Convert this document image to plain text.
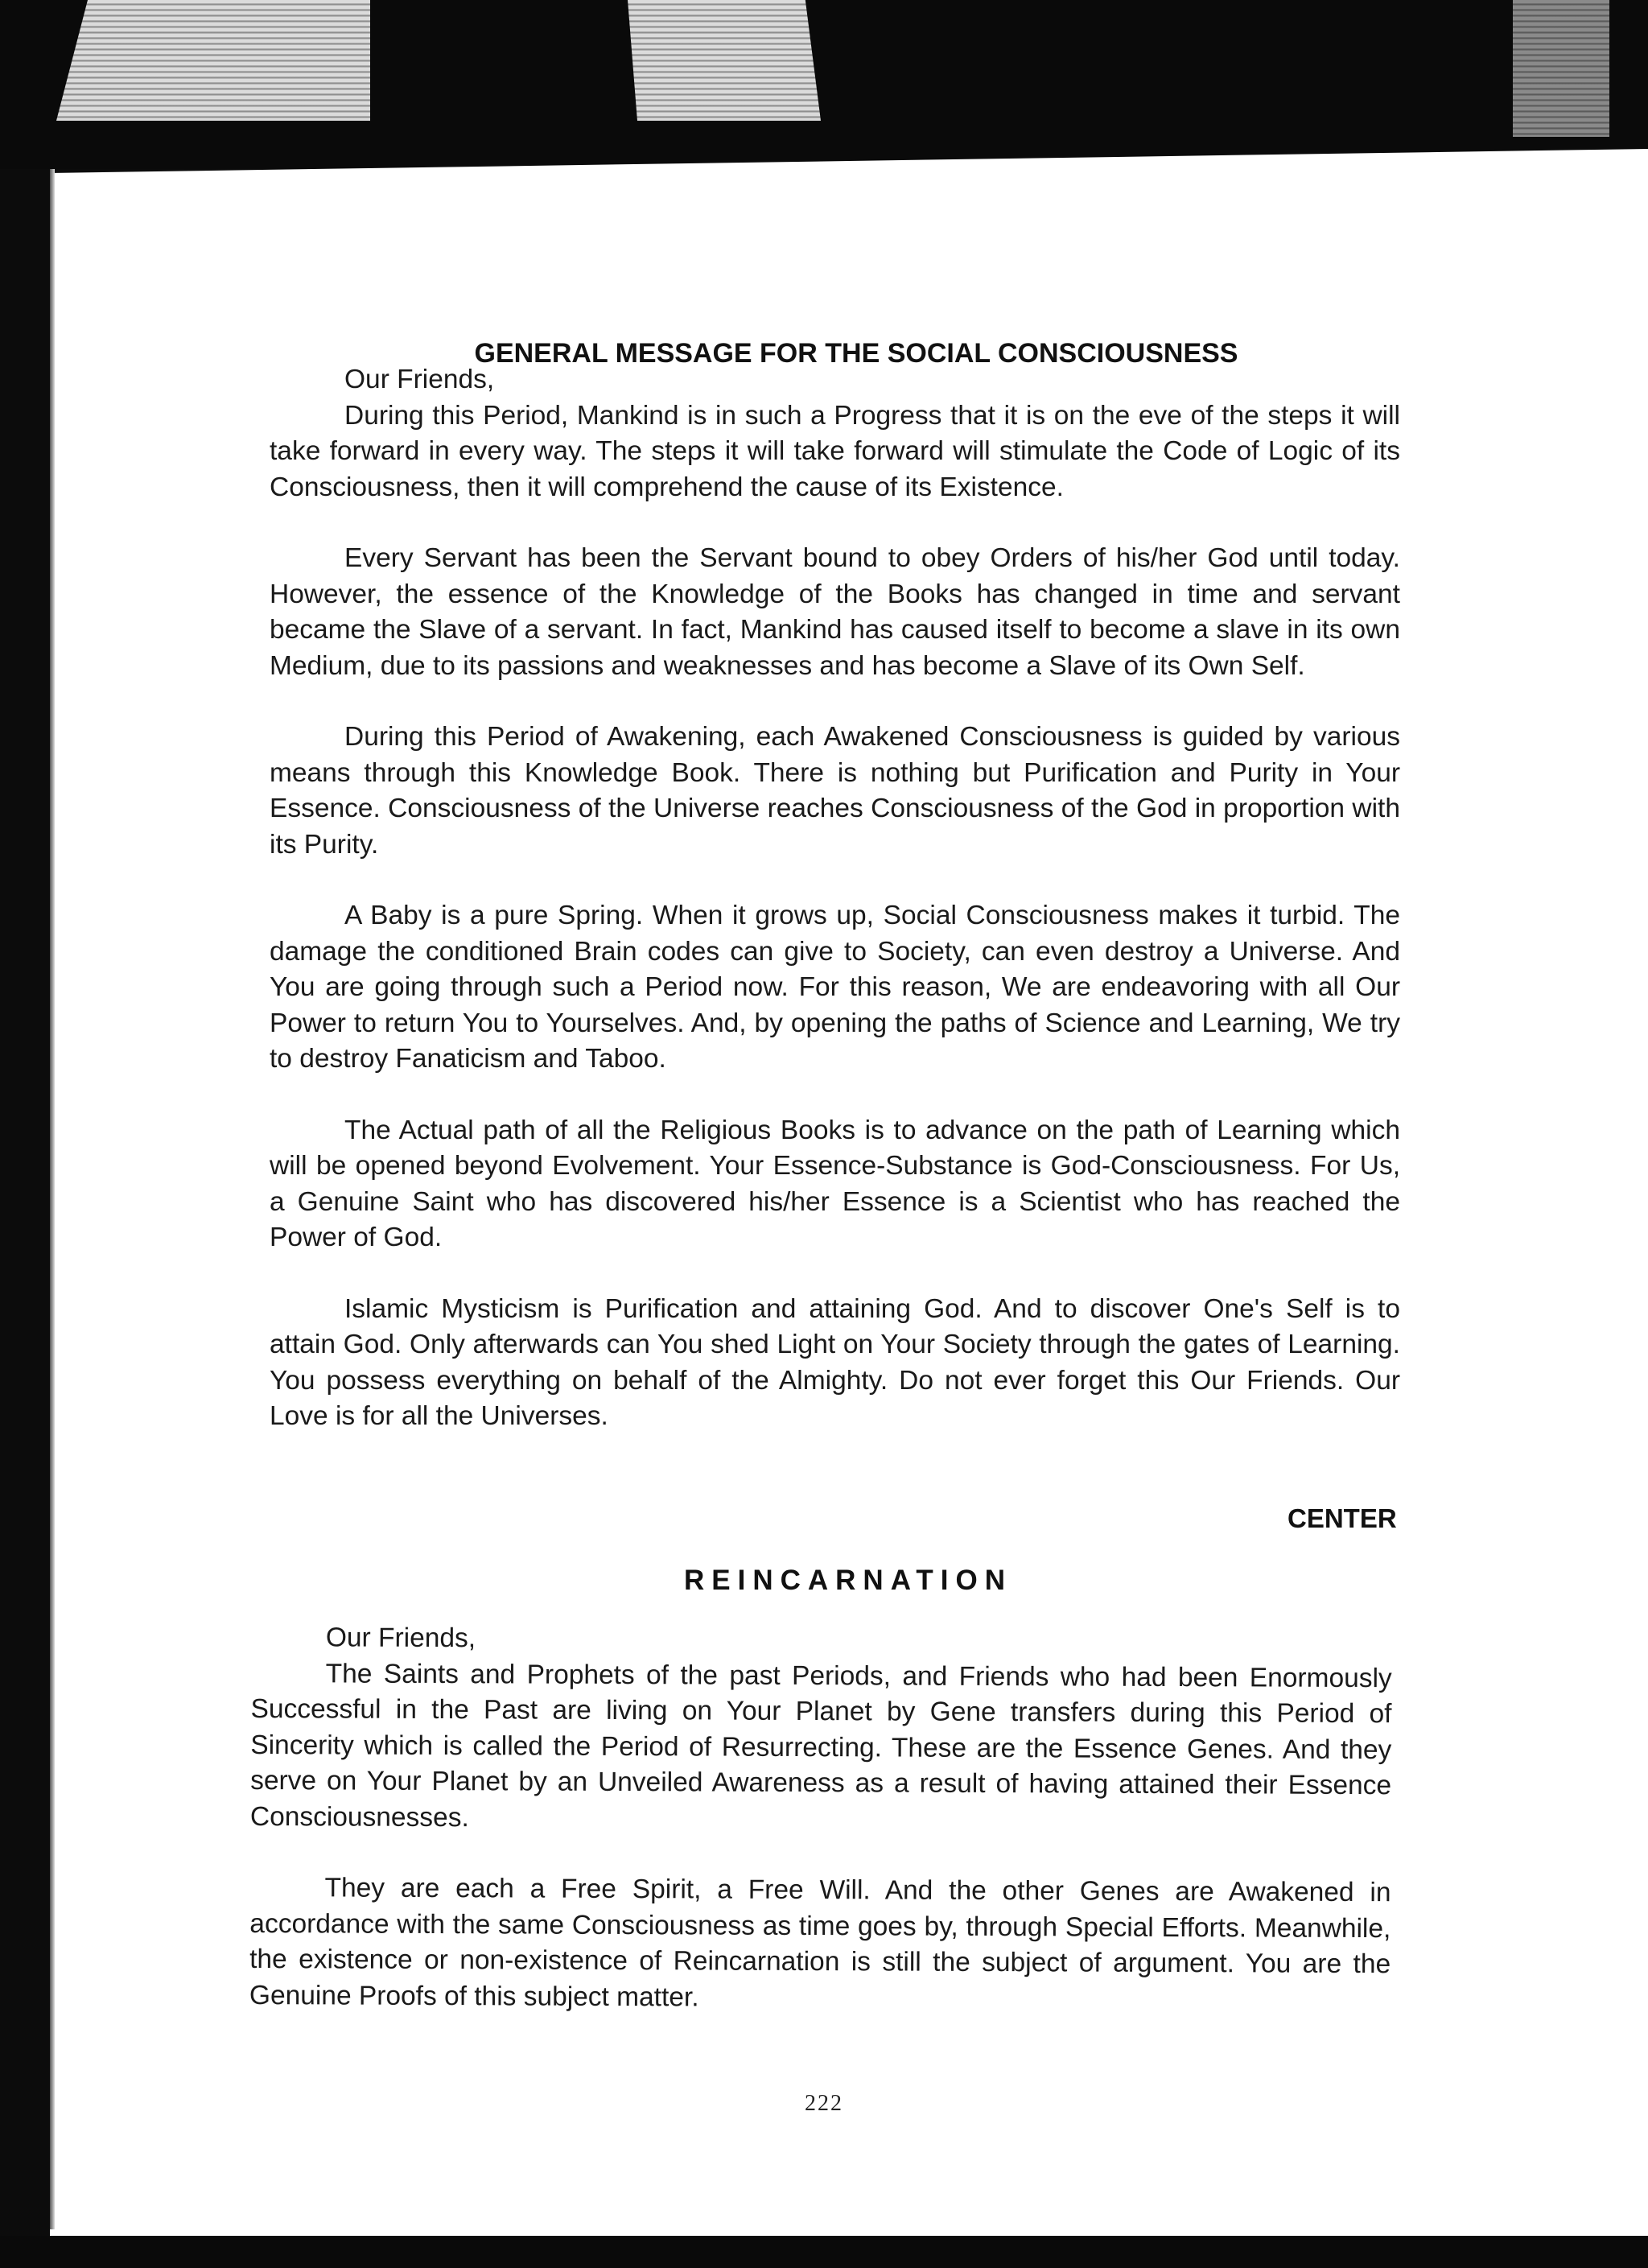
GENERAL MESSAGE FOR THE SOCIAL CONSCIOUSNESS

Our Friends,

During this Period, Mankind is in such a Progress that it is on the eve of the steps it will take forward in every way. The steps it will take forward will stimulate the Code of Logic of its Consciousness, then it will comprehend the cause of its Existence.

Every Servant has been the Servant bound to obey Orders of his/her God until today. However, the essence of the Knowledge of the Books has changed in time and servant became the Slave of a servant. In fact, Mankind has caused itself to become a slave in its own Medium, due to its passions and weaknesses and has become a Slave of its Own Self.

During this Period of Awakening, each Awakened Consciousness is guided by various means through this Knowledge Book. There is nothing but Purification and Purity in Your Essence. Consciousness of the Universe reaches Consciousness of the God in proportion with its Purity.

A Baby is a pure Spring. When it grows up, Social Consciousness makes it turbid. The damage the conditioned Brain codes can give to Society, can even destroy a Universe. And You are going through such a Period now. For this reason, We are endeavoring with all Our Power to return You to Yourselves. And, by opening the paths of Science and Learning, We try to destroy Fanaticism and Taboo.

The Actual path of all the Religious Books is to advance on the path of Learning which will be opened beyond Evolvement. Your Essence-Substance is God-Consciousness. For Us, a Genuine Saint who has discovered his/her Essence is a Scientist who has reached the Power of God.

Islamic Mysticism is Purification and attaining God. And to discover One's Self is to attain God. Only afterwards can You shed Light on Your Society through the gates of Learning. You possess everything on behalf of the Almighty. Do not ever forget this Our Friends. Our Love is for all the Universes.

CENTER
REINCARNATION

Our Friends,

The Saints and Prophets of the past Periods, and Friends who had been Enormously Successful in the Past are living on Your Planet by Gene transfers during this Period of Sincerity which is called the Period of Resurrecting. These are the Essence Genes. And they serve on Your Planet by an Unveiled Awareness as a result of having attained their Essence Consciousnesses.

They are each a Free Spirit, a Free Will. And the other Genes are Awakened in accordance with the same Consciousness as time goes by, through Special Efforts. Meanwhile, the existence or non-existence of Reincarnation is still the subject of argument. You are the Genuine Proofs of this subject matter.

222
